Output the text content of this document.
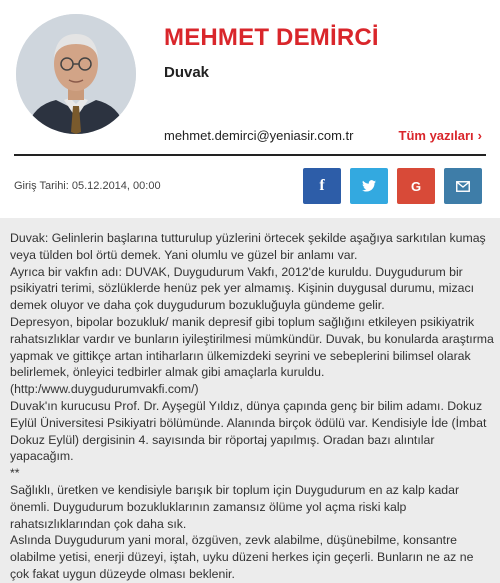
MEHMET DEMİRCİ
Duvak
mehmet.demirci@yeniasir.com.tr	Tüm yazıları ›
Giriş Tarihi: 05.12.2014, 00:00	f	G

Duvak: Gelinlerin başlarına tutturulup yüzlerini örtecek şekilde aşağıya sarkıtılan kumaş veya tülden bol örtü demek. Yani olumlu ve güzel bir anlamı var.

Ayrıca bir vakfın adı: DUVAK, Duygudurum Vakfı, 2012'de kuruldu. Duygudurum bir psikiyatri terimi, sözlüklerde henüz pek yer almamış. Kişinin duygusal durumu, mizacı demek oluyor ve daha çok duygudurum bozukluğuyla gündeme gelir.

Depresyon, bipolar bozukluk/ manik depresif gibi toplum sağlığını etkileyen psikiyatrik rahatsızlıklar vardır ve bunların iyileştirilmesi mümkündür. Duvak, bu konularda araştırma yapmak ve gittikçe artan intiharların ülkemizdeki seyrini ve sebeplerini bilimsel olarak belirlemek, önleyici tedbirler almak gibi amaçlarla kuruldu. (http:/www.duygudurumvakfi.com/)

Duvak'ın kurucusu Prof. Dr. Ayşegül Yıldız, dünya çapında genç bir bilim adamı. Dokuz Eylül Üniversitesi Psikiyatri bölümünde. Alanında birçok ödülü var. Kendisiyle İde (İmbat Dokuz Eylül) dergisinin 4. sayısında bir röportaj yapılmış. Oradan bazı alıntılar yapacağım.

**

Sağlıklı, üretken ve kendisiyle barışık bir toplum için Duygudurum en az kalp kadar önemli. Duygudurum bozukluklarının zamansız ölüme yol açma riski kalp rahatsızlıklarından çok daha sık.

Aslında Duygudurum yani moral, özgüven, zevk alabilme, düşünebilme, konsantre olabilme yetisi, enerji düzeyi, iştah, uyku düzeni herkes için geçerli. Bunların ne az ne çok fakat uygun düzeyde olması beklenir.
